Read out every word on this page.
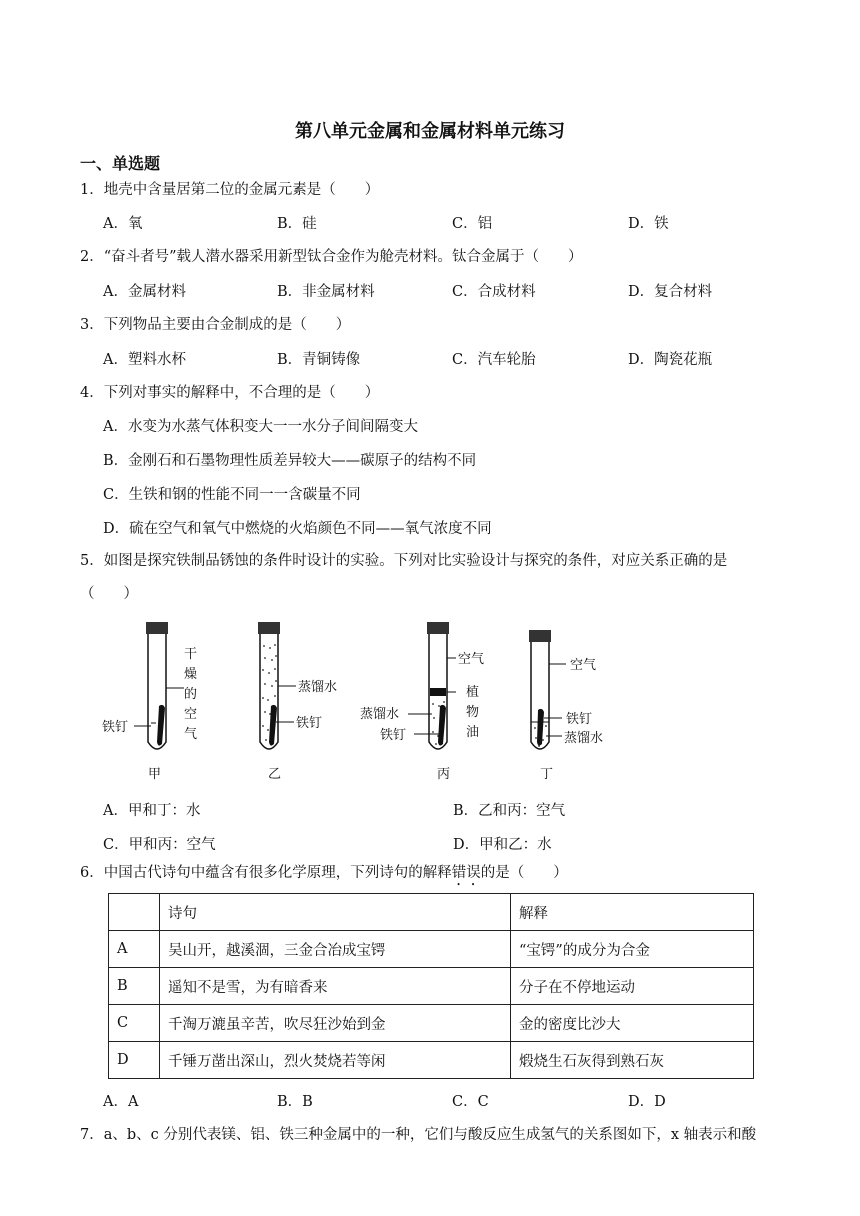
第八单元金属和金属材料单元练习
一、单选题
1．地壳中含量居第二位的金属元素是（　　）
A．氧	B．硅	C．铝	D．铁
2．“奋斗者号”载人潜水器采用新型钛合金作为舱壳材料。钛合金属于（　　）
A．金属材料	B．非金属材料	C．合成材料	D．复合材料
3．下列物品主要由合金制成的是（　　）
A．塑料水杯	B．青铜铸像	C．汽车轮胎	D．陶瓷花瓶
4．下列对事实的解释中，不合理的是（　　）
A．水变为水蒸气体积变大一一水分子间间隔变大
B．金刚石和石墨物理性质差异较大——碳原子的结构不同
C．生铁和钢的性能不同一一含碳量不同
D．硫在空气和氧气中燃烧的火焰颜色不同——氧气浓度不同
5．如图是探究铁制品锈蚀的条件时设计的实验。下列对比实验设计与探究的条件，对应关系正确的是
（　　）
干
燥
的
空
气
铁钉
甲
蒸馏水
铁钉
乙
空气
植
物
油
蒸馏水
铁钉
丙
空气
铁钉
蒸馏水
丁
A．甲和丁：水	B．乙和丙：空气
C．甲和丙：空气	D．甲和乙：水
6．中国古代诗句中蕴含有很多化学原理，下列诗句的解释错误的是（　　）
	诗句	解释
A	吴山开，越溪涸，三金合冶成宝锷	“宝锷”的成分为合金
B	遥知不是雪，为有暗香来	分子在不停地运动
C	千淘万漉虽辛苦，吹尽狂沙始到金	金的密度比沙大
D	千锤万凿出深山，烈火焚烧若等闲	煅烧生石灰得到熟石灰
A．A	B．B	C．C	D．D
7．a、b、c 分别代表镁、铝、铁三种金属中的一种，它们与酸反应生成氢气的关系图如下，x 轴表示和酸
